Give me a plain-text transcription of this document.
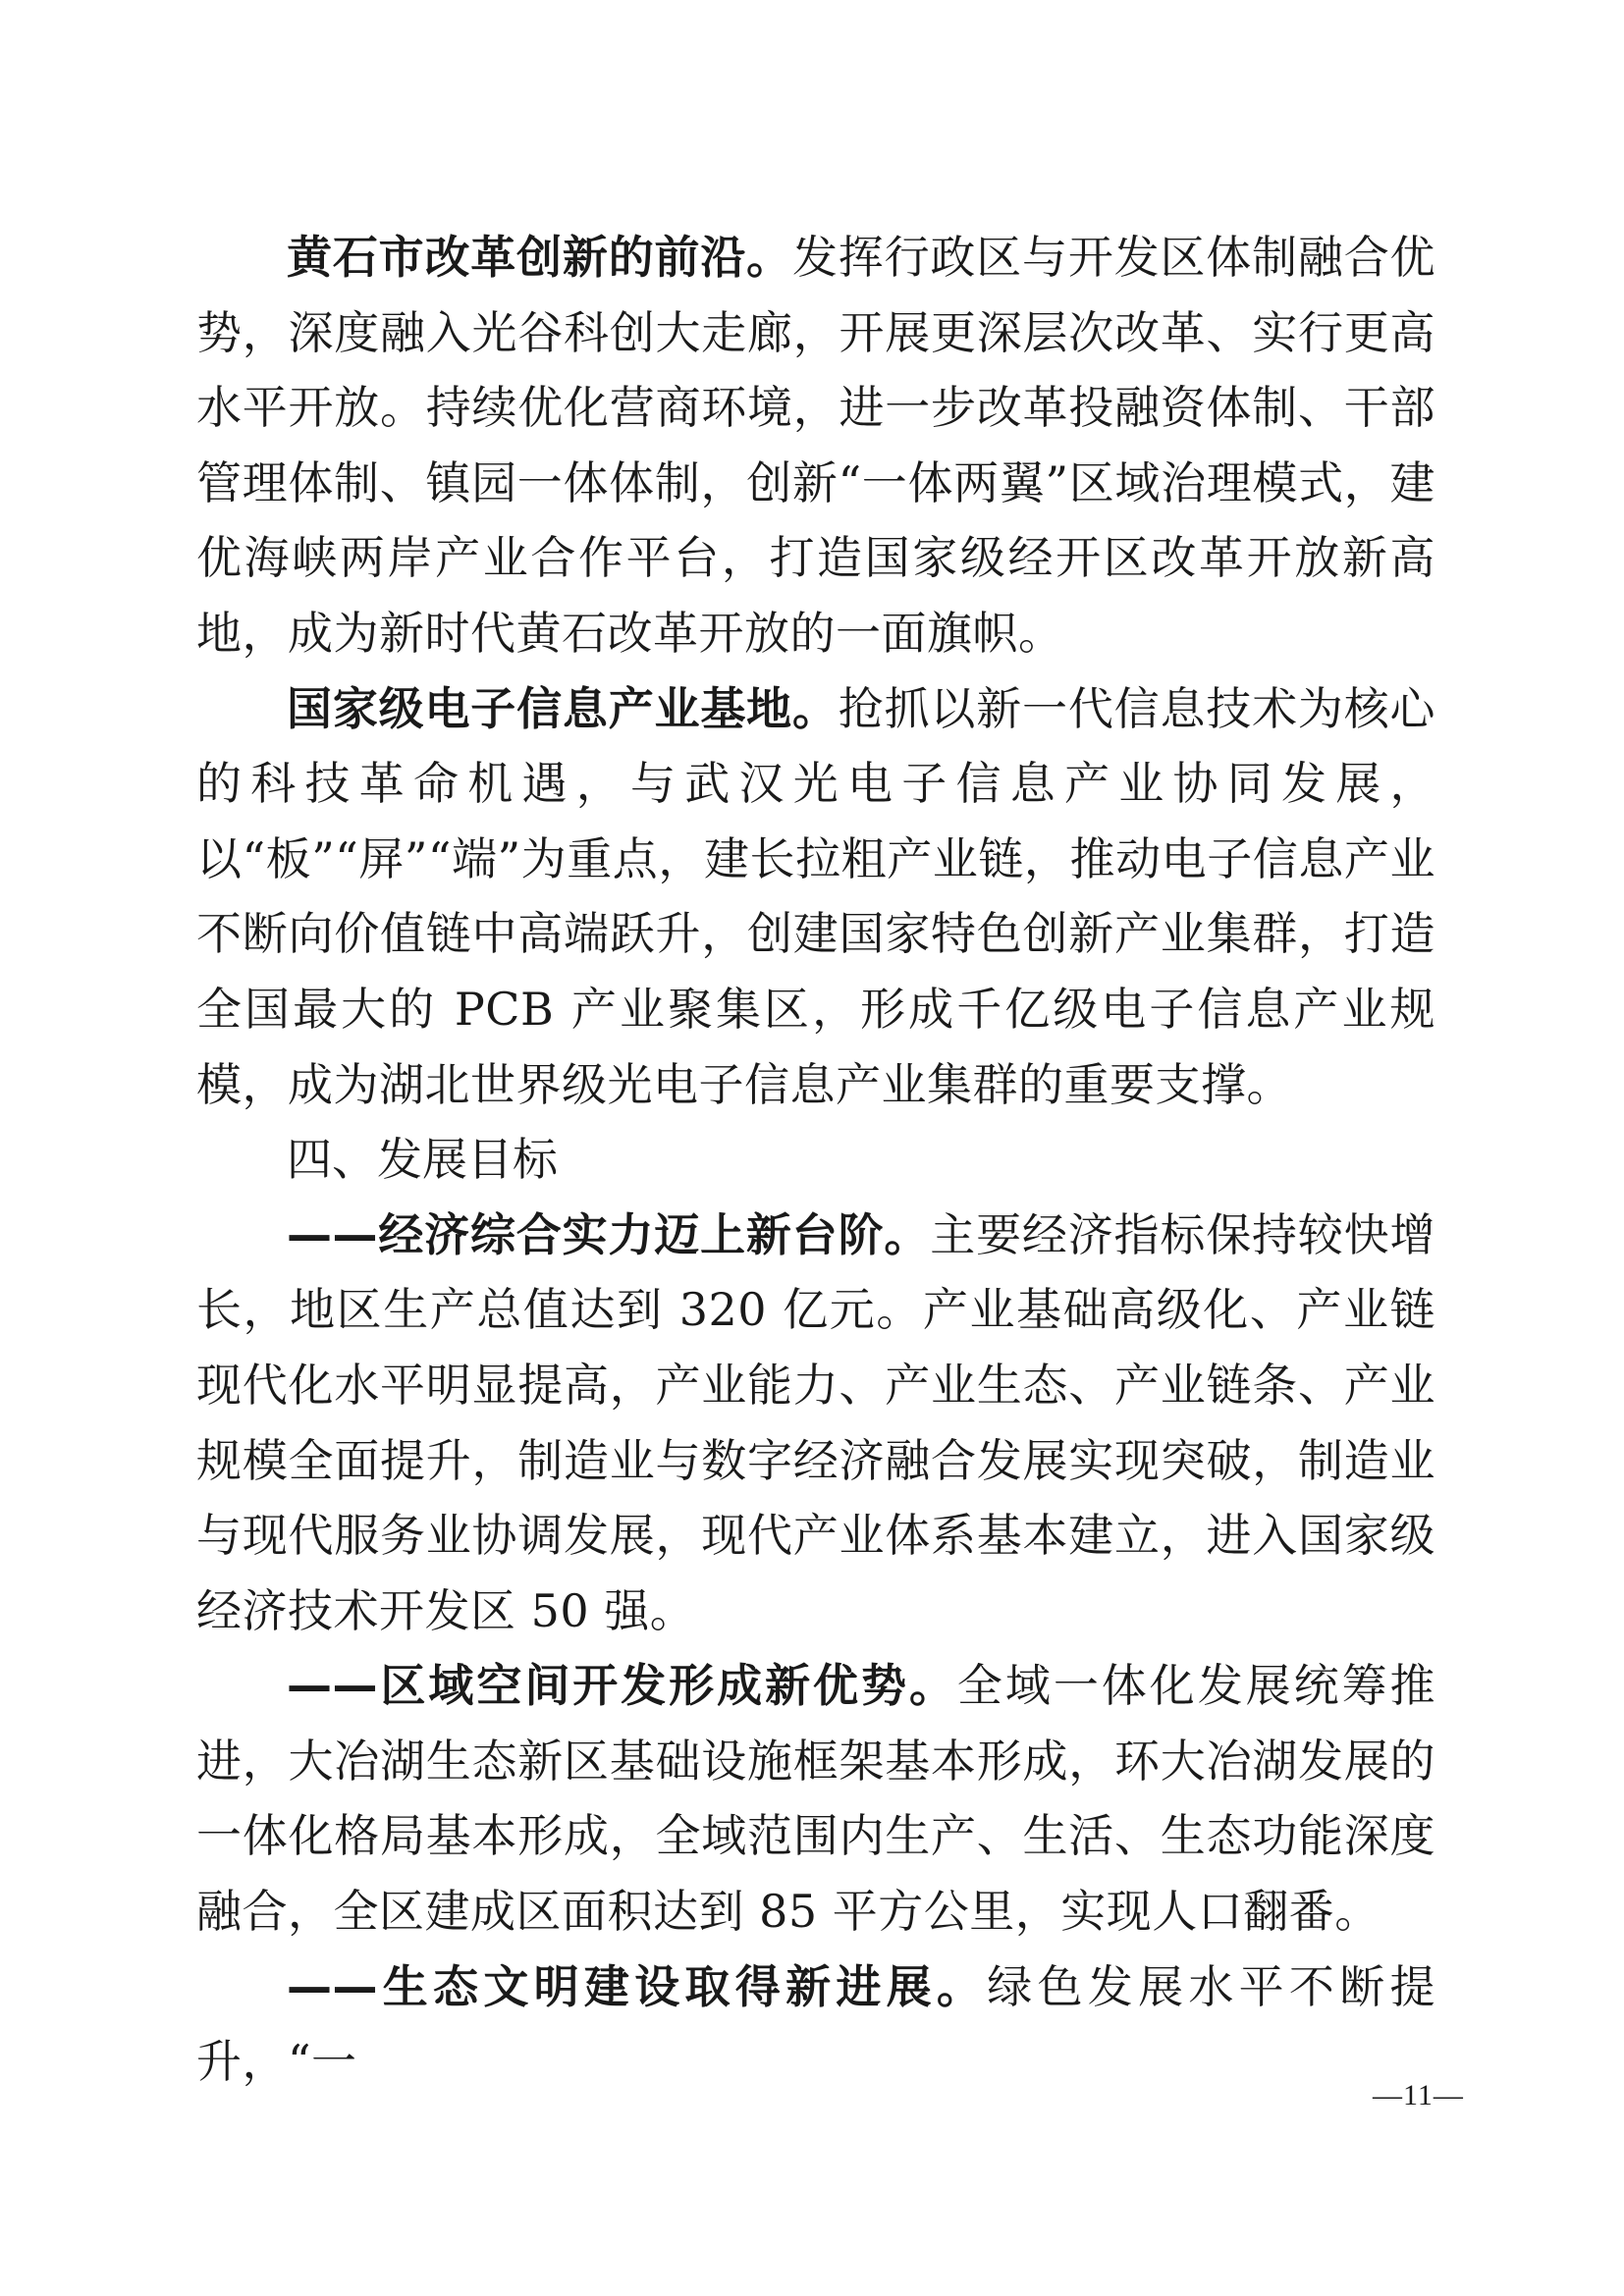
黄石市改革创新的前沿。发挥行政区与开发区体制融合优势，深度融入光谷科创大走廊，开展更深层次改革、实行更高水平开放。持续优化营商环境，进一步改革投融资体制、干部管理体制、镇园一体体制，创新“一体两翼”区域治理模式，建优海峡两岸产业合作平台，打造国家级经开区改革开放新高地，成为新时代黄石改革开放的一面旗帜。

国家级电子信息产业基地。抢抓以新一代信息技术为核心的科技革命机遇，与武汉光电子信息产业协同发展，以“板”“屏”“端”为重点，建长拉粗产业链，推动电子信息产业不断向价值链中高端跃升，创建国家特色创新产业集群，打造全国最大的 PCB 产业聚集区，形成千亿级电子信息产业规模，成为湖北世界级光电子信息产业集群的重要支撑。

四、发展目标

——经济综合实力迈上新台阶。主要经济指标保持较快增长，地区生产总值达到 320 亿元。产业基础高级化、产业链现代化水平明显提高，产业能力、产业生态、产业链条、产业规模全面提升，制造业与数字经济融合发展实现突破，制造业与现代服务业协调发展，现代产业体系基本建立，进入国家级经济技术开发区 50 强。

——区域空间开发形成新优势。全域一体化发展统筹推进，大冶湖生态新区基础设施框架基本形成，环大冶湖发展的一体化格局基本形成，全域范围内生产、生活、生态功能深度融合，全区建成区面积达到 85 平方公里，实现人口翻番。

——生态文明建设取得新进展。绿色发展水平不断提升，“一

—11—
